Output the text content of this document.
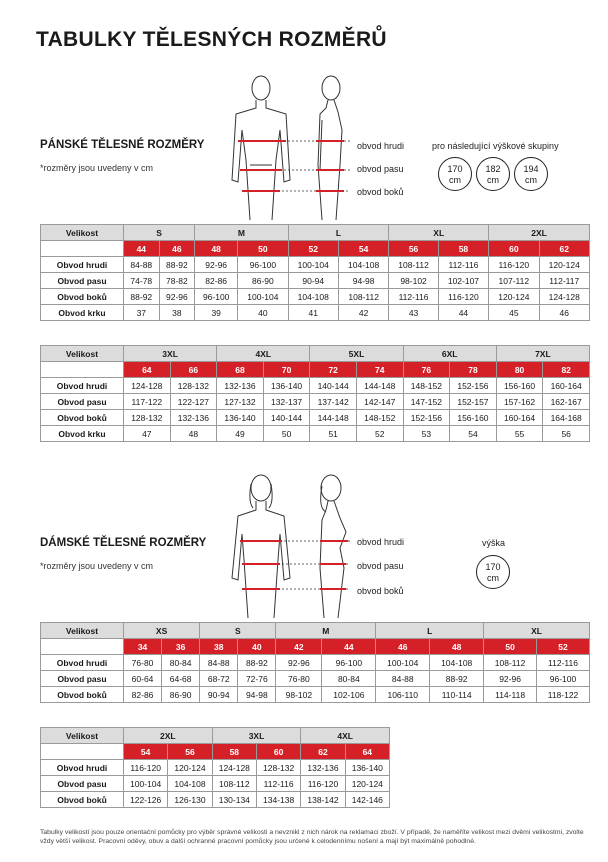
TABULKY TĚLESNÝCH ROZMĚRŮ
PÁNSKÉ TĚLESNÉ ROZMĚRY
*rozměry jsou uvedeny v cm
obvod hrudi
obvod pasu
obvod boků
pro následující výškové skupiny
170
cm
182
cm
194
cm
Velikost	S		M		L		XL		2XL	
	44	46	48	50	52	54	56	58	60	62
Obvod hrudi	84-88	88-92	92-96	96-100	100-104	104-108	108-112	112-116	116-120	120-124
Obvod pasu	74-78	78-82	82-86	86-90	90-94	94-98	98-102	102-107	107-112	112-117
Obvod boků	88-92	92-96	96-100	100-104	104-108	108-112	112-116	116-120	120-124	124-128
Obvod krku	37	38	39	40	41	42	43	44	45	46
Velikost	3XL		4XL		5XL		6XL		7XL	
	64	66	68	70	72	74	76	78	80	82
Obvod hrudi	124-128	128-132	132-136	136-140	140-144	144-148	148-152	152-156	156-160	160-164
Obvod pasu	117-122	122-127	127-132	132-137	137-142	142-147	147-152	152-157	157-162	162-167
Obvod boků	128-132	132-136	136-140	140-144	144-148	148-152	152-156	156-160	160-164	164-168
Obvod krku	47	48	49	50	51	52	53	54	55	56
DÁMSKÉ TĚLESNÉ ROZMĚRY
*rozměry jsou uvedeny v cm
obvod hrudi
obvod pasu
obvod boků
výška
170
cm
Velikost	XS		S		M		L		XL	
	34	36	38	40	42	44	46	48	50	52
Obvod hrudi	76-80	80-84	84-88	88-92	92-96	96-100	100-104	104-108	108-112	112-116
Obvod pasu	60-64	64-68	68-72	72-76	76-80	80-84	84-88	88-92	92-96	96-100
Obvod boků	82-86	86-90	90-94	94-98	98-102	102-106	106-110	110-114	114-118	118-122
Velikost	2XL		3XL		4XL	
	54	56	58	60	62	64
Obvod hrudi	116-120	120-124	124-128	128-132	132-136	136-140
Obvod pasu	100-104	104-108	108-112	112-116	116-120	120-124
Obvod boků	122-126	126-130	130-134	134-138	138-142	142-146
Tabulky velikostí jsou pouze orientační pomůcky pro výběr správné velikosti a nevznikl z nich nárok na reklamaci zboží. V případě, že naměříte velikost mezi dvěmi velikostmi, zvolte vždy větší velikost. Pracovní oděvy, obuv a další ochranné pracovní pomůcky jsou určené k celodennímu nošení a mají být maximálně pohodlné.
